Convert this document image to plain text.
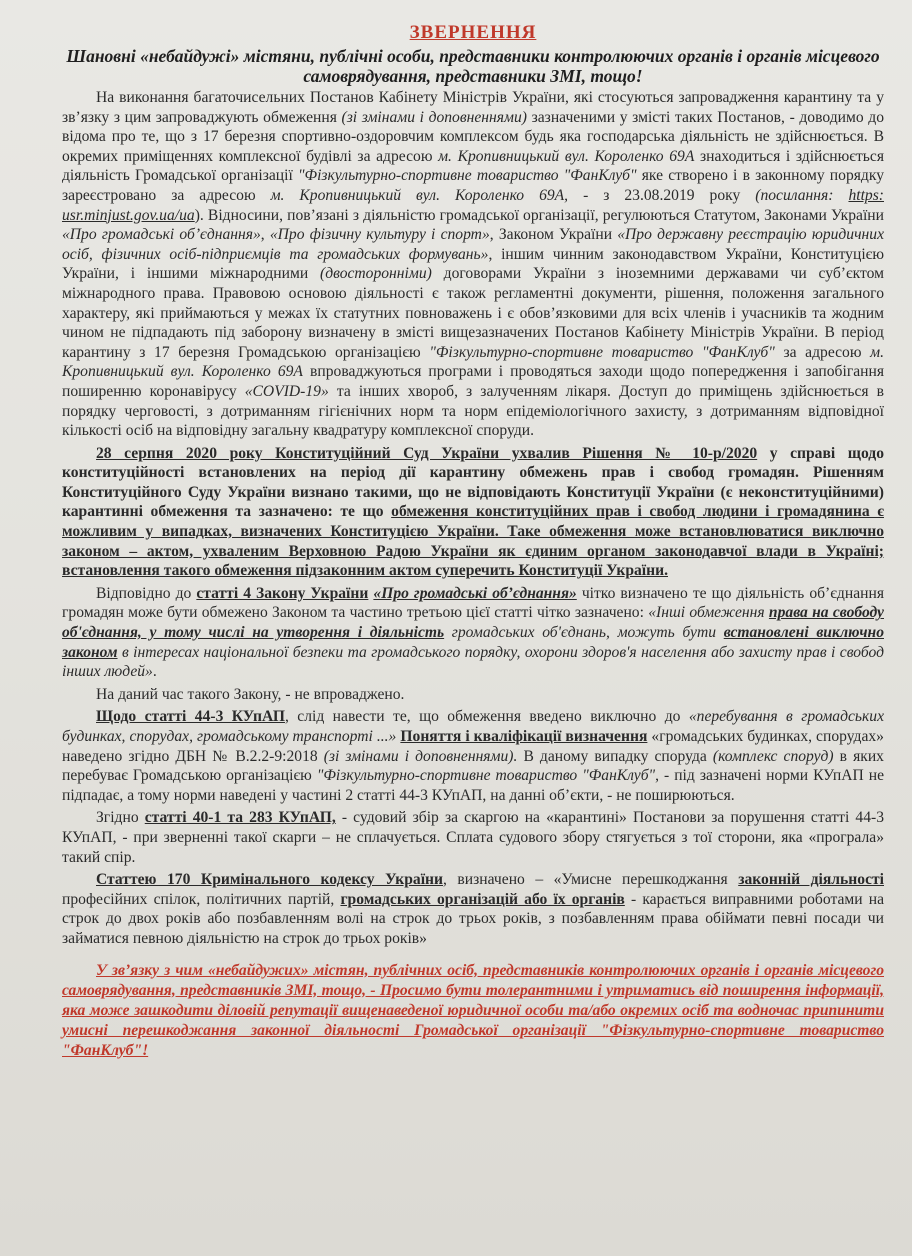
ЗВЕРНЕННЯ
Шановні «небайдужі» містяни, публічні особи, представники контролюючих органів і органів місцевого самоврядування, представники ЗМІ, тощо!

На виконання багаточисельних Постанов Кабінету Міністрів України, які стосуються запровадження карантину та у зв’язку з цим запроваджують обмеження (зі змінами і доповненнями) зазначеними у змісті таких Постанов, - доводимо до відома про те, що з 17 березня спортивно-оздоровчим комплексом будь яка господарська діяльність не здійснюється. В окремих приміщеннях комплексної будівлі за адресою м. Кропивницький вул. Короленко 69А знаходиться і здійснюється діяльність Громадської організації "Фізкультурно-спортивне товариство "ФанКлуб" яке створено і в законному порядку зареєстровано за адресою м. Кропивницький вул. Короленко 69А, - з 23.08.2019 року (посилання: https: usr.minjust.gov.ua/ua). Відносини, пов’язані з діяльністю громадської організації, регулюються Статутом, Законами України «Про громадські об’єднання», «Про фізичну культуру і спорт», Законом України «Про державну реєстрацію юридичних осіб, фізичних осіб-підприємців та громадських формувань», іншим чинним законодавством України, Конституцією України, і іншими міжнародними (двосторонніми) договорами України з іноземними державами чи суб’єктом міжнародного права. Правовою основою діяльності є також регламентні документи, рішення, положення загального характеру, які приймаються у межах їх статутних повноважень і є обов’язковими для всіх членів і учасників та жодним чином не підпадають під заборону визначену в змісті вищезазначених Постанов Кабінету Міністрів України. В період карантину з 17 березня Громадською організацією "Фізкультурно-спортивне товариство "ФанКлуб" за адресою м. Кропивницький вул. Короленко 69А впроваджуються програми і проводяться заходи щодо попередження і запобігання поширенню коронавірусу «COVID-19» та інших хвороб, з залученням лікаря. Доступ до приміщень здійснюється в порядку черговості, з дотриманням гігієнічних норм та норм епідеміологічного захисту, з дотриманням відповідної кількості осіб на відповідну загальну квадратуру комплексної споруди.

28 серпня 2020 року Конституційний Суд України ухвалив Рішення № 10-р/2020 у справі щодо конституційності встановлених на період дії карантину обмежень прав і свобод громадян. Рішенням Конституційного Суду України визнано такими, що не відповідають Конституції України (є неконституційними) карантинні обмеження та зазначено: те що обмеження конституційних прав і свобод людини і громадянина є можливим у випадках, визначених Конституцією України. Таке обмеження може встановлюватися виключно законом – актом, ухваленим Верховною Радою України як єдиним органом законодавчої влади в Україні; встановлення такого обмеження підзаконним актом суперечить Конституції України.

Відповідно до статті 4 Закону України «Про громадські об’єднання» чітко визначено те що діяльність об’єднання громадян може бути обмежено Законом та частино третьою цієї статті чітко зазначено: «Інші обмеження права на свободу об'єднання, у тому числі на утворення і діяльність громадських об'єднань, можуть бути встановлені виключно законом в інтересах національної безпеки та громадського порядку, охорони здоров'я населення або захисту прав і свобод інших людей».

На даний час такого Закону, - не впроваджено.

Щодо статті 44-3 КУпАП, слід навести те, що обмеження введено виключно до «перебування в громадських будинках, спорудах, громадському транспорті ...» Поняття і кваліфікації визначення «громадських будинках, спорудах» наведено згідно ДБН № В.2.2-9:2018 (зі змінами і доповненнями). В даному випадку споруда (комплекс споруд) в яких перебуває Громадською організацією "Фізкультурно-спортивне товариство "ФанКлуб", - під зазначені норми КУпАП не підпадає, а тому норми наведені у частині 2 статті 44-3 КУпАП, на данні об’єкти, - не поширюються.

Згідно статті 40-1 та 283 КУпАП, - судовий збір за скаргою на «карантині» Постанови за порушення статті 44-3 КУпАП, - при зверненні такої скарги – не сплачується. Сплата судового збору стягується з тої сторони, яка «програла» такий спір.

Статтею 170 Кримінального кодексу України, визначено – «Умисне перешкоджання законній діяльності професійних спілок, політичних партій, громадських організацій або їх органів - карається виправними роботами на строк до двох років або позбавленням волі на строк до трьох років, з позбавленням права обіймати певні посади чи займатися певною діяльністю на строк до трьох років»

У зв’язку з чим «небайдужих» містян, публічних осіб, представників контролюючих органів і органів місцевого самоврядування, представників ЗМІ, тощо, - Просимо бути толерантними і утриматись від поширення інформації, яка може зашкодити діловій репутації вищенаведеної юридичної особи та/або окремих осіб та водночас припинити умисні перешкоджання законної діяльності Громадської організації "Фізкультурно-спортивне товариство "ФанКлуб"!
